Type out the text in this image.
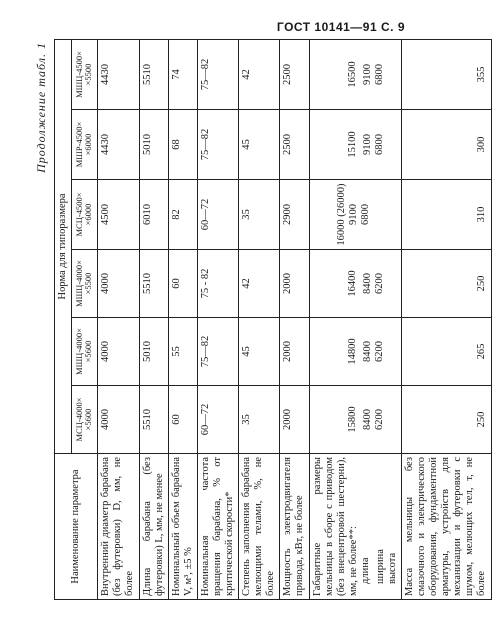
ГОСТ 10141—91 С. 9
Продолжение табл. 1
Наименование параметра	Норма для типоразмера					
	МСЦ-4000× ×5600	МШЦ-4000× ×5600	МШЦ-4000× ×5500	МСЦ-4500× ×6000	МШР-4500× ×6000	МШЦ-4500× ×5500
Внутренний диаметр барабана (без футеровки) D, мм, не более	4000	4000	4000	4500	4430	4430
Длина барабана (без футеровки) L, мм, не менее	5510	5010	5510	6010	5010	5510
Номинальный объем барабана V, м³, ±5 %	60	55	60	82	68	74
Номинальная частота вращения барабана, % от критической скорости*	60—72	75—82	75 - 82	60—72	75—82	75—82
Степень заполнения барабана мелющими телами, %, не более	35	45	42	35	45	42
Мощность электродвигателя привода, кВт, не более	2000	2000	2000	2900	2500	2500

Габаритные размеры мельницы в сборе с приводом (без внецентровой шестерни), мм, не более**: длина ширина высота	15800 8400 6200	14800 8400 6200	16400 8400 6200	16000 (26000) 9100 6800	15100 9100 6800	16500 9100 6800

Масса мельницы без смазочного и электрического оборудования, фундаментной арматуры, устройств для механизации и футеровки с шумом, мелющих тел, т, не более	250	265	250	310	300	355
